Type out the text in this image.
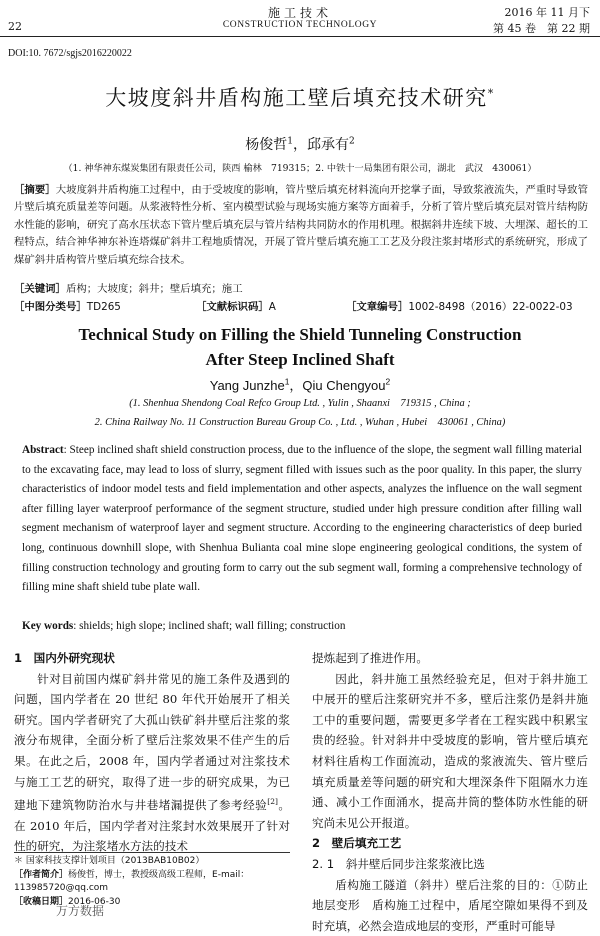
22
施工技术
CONSTRUCTION TECHNOLOGY
2016 年 11 月下
第 45 卷　第 22 期
DOI:10. 7672/sgjs2016220022
大坡度斜井盾构施工壁后填充技术研究*
杨俊哲$^1$，邱承有$^2$
（1. 神华神东煤炭集团有限责任公司，陕西 榆林　719315；2. 中铁十一局集团有限公司，湖北　武汉　430061）
［摘要］大坡度斜井盾构施工过程中，由于受坡度的影响，管片壁后填充材料流向开挖掌子面，导致浆液流失，严重时导致管片壁后填充质量差等问题。从浆液特性分析、室内模型试验与现场实施方案等方面着手，分析了管片壁后填充层对管片结构防水性能的影响，研究了高水压状态下管片壁后填充层与管片结构共同防水的作用机理。根据斜井连续下坡、大埋深、超长的工程特点，结合神华神东补连塔煤矿斜井工程地质情况，开展了管片壁后填充施工工艺及分段注浆封堵形式的系统研究，形成了煤矿斜井盾构管片壁后填充综合技术。
［关键词］盾构；大坡度；斜井；壁后填充；施工
［中图分类号］TD265	［文献标识码］A	［文章编号］1002-8498（2016）22-0022-03
Technical Study on Filling the Shield Tunneling Construction
After Steep Inclined Shaft
Yang Junzhe$^1$，Qiu Chengyou$^2$
(1. Shenhua Shendong Coal Refco Group Ltd. , Yulin , Shaanxi　719315 , China ;
2. China Railway No. 11 Construction Bureau Group Co. , Ltd. , Wuhan , Hubei　430061 , China)
Abstract: Steep inclined shaft shield construction process, due to the influence of the slope, the segment wall filling material to the excavating face, may lead to loss of slurry, segment filled with issues such as the poor quality. In this paper, the slurry characteristics of indoor model tests and field implementation and other aspects, analyzes the influence on the wall segment after filling layer waterproof performance of the segment structure, studied under high pressure condition after filling wall segment mechanism of waterproof layer and segment structure. According to the engineering characteristics of deep buried long, continuous downhill slope, with Shenhua Bulianta coal mine slope engineering geological conditions, the system of filling construction technology and grouting form to carry out the sub segment wall, forming a comprehensive technology of filling mine shaft shield tube plate wall.
Key words: shields; high slope; inclined shaft; wall filling; construction
1　国内外研究现状

针对目前国内煤矿斜井常见的施工条件及遇到的问题，国内学者在 20 世纪 80 年代开始展开了相关研究。国内学者研究了大孤山铁矿斜井壁后注浆的浆液分布规律，全面分析了壁后注浆效果不佳产生的后果。在此之后，2008 年，国内学者通过对注浆技术与施工工艺的研究，取得了进一步的研究成果，为已建地下建筑物防治水与井巷堵漏提供了参考经验[2]。在 2010 年后，国内学者对注浆封水效果展开了针对性的研究，为注浆堵水方法的技术

提炼起到了推进作用。

因此，斜井施工虽然经验充足，但对于斜井施工中展开的壁后注浆研究并不多，壁后注浆仍是斜井施工中的重要问题，需要更多学者在工程实践中积累宝贵的经验。针对斜井中受坡度的影响，管片壁后填充材料往盾构工作面流动，造成的浆液流失、管片壁后填充质量差等问题的研究和大埋深条件下阻隔水力连通、减小工作面涌水，提高井筒的整体防水性能的研究尚未见公开报道。

2　壁后填充工艺
2. 1　斜井壁后同步注浆浆液比选

盾构施工隧道（斜井）壁后注浆的目的：①防止地层变形　盾构施工过程中，盾尾空隙如果得不到及时充填，必然会造成地层的变形，严重时可能导

＊ 国家科技支撑计划项目（2013BAB10B02）
［作者简介］杨俊哲，博士，教授级高级工程师，E-mail：113985720@qq.com
［收稿日期］2016-06-30
万方数据
